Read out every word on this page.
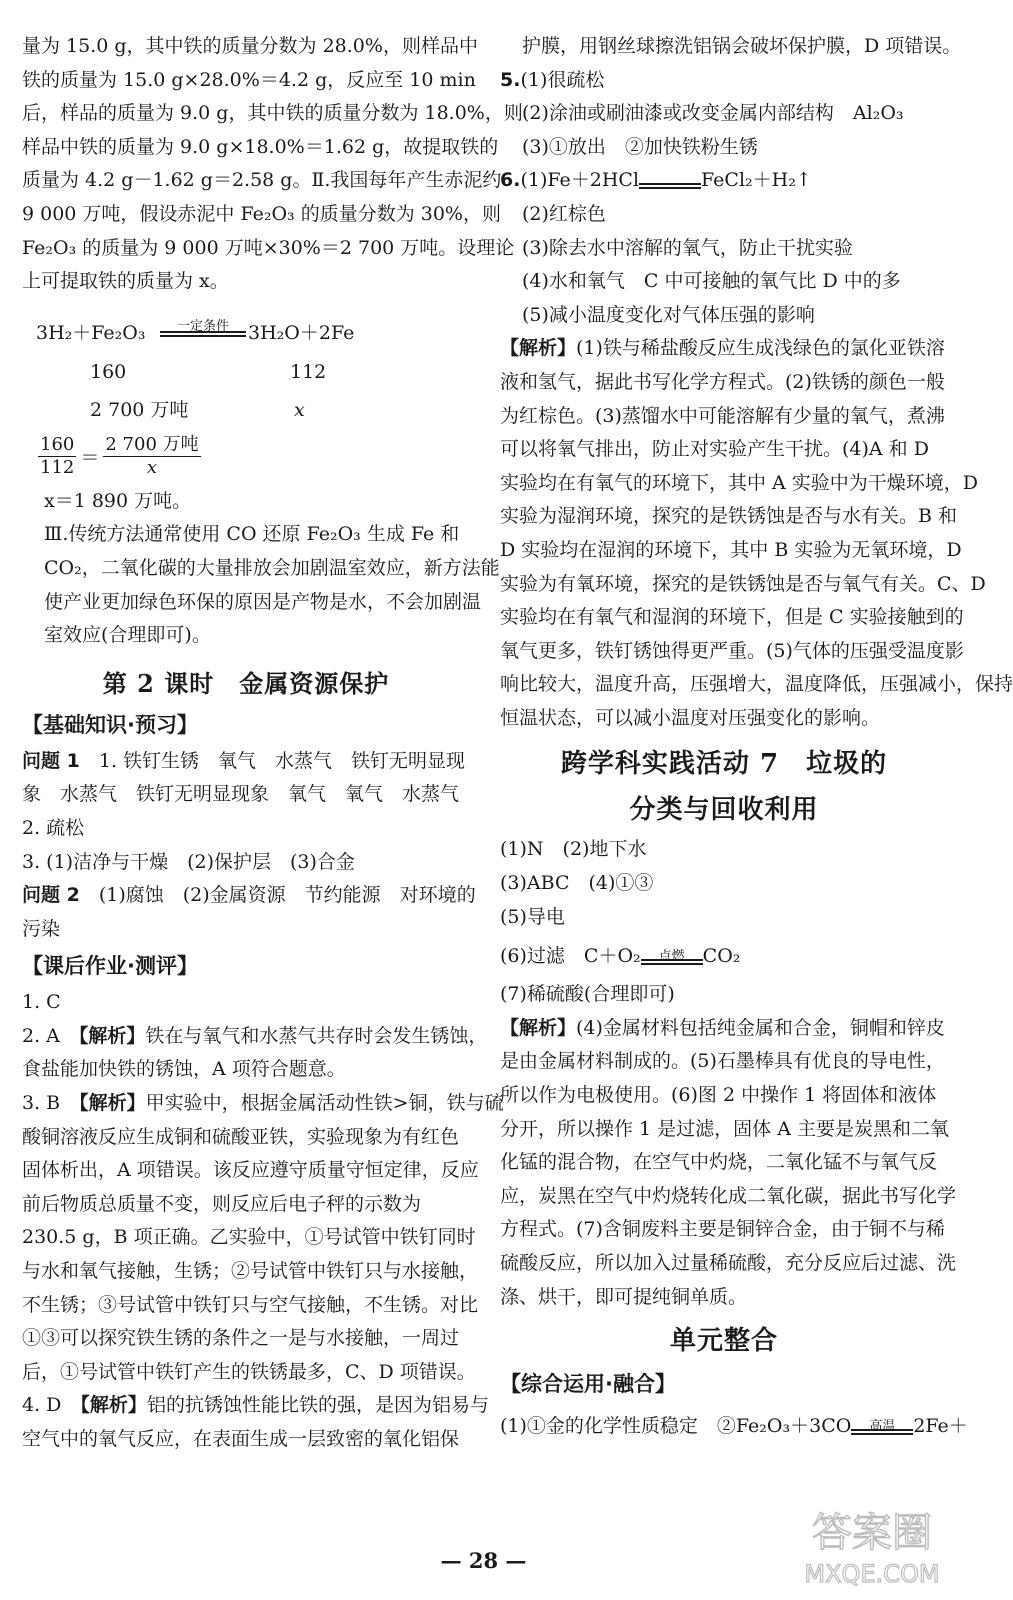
量为 15.0 g，其中铁的质量分数为 28.0%，则样品中
铁的质量为 15.0 g×28.0%＝4.2 g，反应至 10 min
后，样品的质量为 9.0 g，其中铁的质量分数为 18.0%，则
样品中铁的质量为 9.0 g×18.0%＝1.62 g，故提取铁的
质量为 4.2 g－1.62 g＝2.58 g。Ⅱ.我国每年产生赤泥约
9 000 万吨，假设赤泥中 Fe₂O₃ 的质量分数为 30%，则
Fe₂O₃ 的质量为 9 000 万吨×30%＝2 700 万吨。设理论
上可提取铁的质量为 x。
3H₂＋Fe₂O₃	一定条件	3H₂O＋2Fe
160	112
2 700 万吨	x
$\frac{160}{112} = \frac{\text{2 700 万吨}}{x}$
x＝1 890 万吨。
Ⅲ.传统方法通常使用 CO 还原 Fe₂O₃ 生成 Fe 和
CO₂，二氧化碳的大量排放会加剧温室效应，新方法能
使产业更加绿色环保的原因是产物是水，不会加剧温
室效应(合理即可)。
第 2 课时　金属资源保护
【基础知识·预习】
问题 1　 1. 铁钉生锈　氧气　水蒸气　铁钉无明显现
象　水蒸气　铁钉无明显现象　氧气　氧气　水蒸气
2. 疏松
3. (1)洁净与干燥　(2)保护层　(3)合金
问题 2　 (1)腐蚀　(2)金属资源　节约能源　对环境的
污染
【课后作业·测评】
1. C
2. A　 【解析】铁在与氧气和水蒸气共存时会发生锈蚀，
食盐能加快铁的锈蚀，A 项符合题意。
3. B　 【解析】甲实验中，根据金属活动性铁>铜，铁与硫
酸铜溶液反应生成铜和硫酸亚铁，实验现象为有红色
固体析出，A 项错误。该反应遵守质量守恒定律，反应
前后物质总质量不变，则反应后电子秤的示数为
230.5 g，B 项正确。乙实验中，①号试管中铁钉同时
与水和氧气接触，生锈；②号试管中铁钉只与水接触，
不生锈；③号试管中铁钉只与空气接触，不生锈。对比
①③可以探究铁生锈的条件之一是与水接触，一周过
后，①号试管中铁钉产生的铁锈最多，C、D 项错误。
4. D　 【解析】铝的抗锈蚀性能比铁的强，是因为铝易与
空气中的氧气反应，在表面生成一层致密的氧化铝保
护膜，用钢丝球擦洗铝锅会破坏保护膜，D 项错误。
5.(1)很疏松
(2)涂油或刷油漆或改变金属内部结构　Al₂O₃
(3)①放出　②加快铁粉生锈
6.(1)Fe＋2HCl	FeCl₂＋H₂↑
(2)红棕色
(3)除去水中溶解的氧气，防止干扰实验
(4)水和氧气　C 中可接触的氧气比 D 中的多
(5)减小温度变化对气体压强的影响
【解析】(1)铁与稀盐酸反应生成浅绿色的氯化亚铁溶
液和氢气，据此书写化学方程式。(2)铁锈的颜色一般
为红棕色。(3)蒸馏水中可能溶解有少量的氧气，煮沸
可以将氧气排出，防止对实验产生干扰。(4)A 和 D
实验均在有氧气的环境下，其中 A 实验中为干燥环境，D
实验为湿润环境，探究的是铁锈蚀是否与水有关。B 和
D 实验均在湿润的环境下，其中 B 实验为无氧环境，D
实验为有氧环境，探究的是铁锈蚀是否与氧气有关。C、D
实验均在有氧气和湿润的环境下，但是 C 实验接触到的
氧气更多，铁钉锈蚀得更严重。(5)气体的压强受温度影
响比较大，温度升高，压强增大，温度降低，压强减小，保持
恒温状态，可以减小温度对压强变化的影响。
跨学科实践活动 7　垃圾的
分类与回收利用
(1)N　(2)地下水
(3)ABC　(4)①③
(5)导电
(6)过滤　C＋O₂	点燃 CO₂
(7)稀硫酸(合理即可)
【解析】(4)金属材料包括纯金属和合金，铜帽和锌皮
是由金属材料制成的。(5)石墨棒具有优良的导电性，
所以作为电极使用。(6)图 2 中操作 1 将固体和液体
分开，所以操作 1 是过滤，固体 A 主要是炭黑和二氧
化锰的混合物，在空气中灼烧，二氧化锰不与氧气反
应，炭黑在空气中灼烧转化成二氧化碳，据此书写化学
方程式。(7)含铜废料主要是铜锌合金，由于铜不与稀
硫酸反应，所以加入过量稀硫酸，充分反应后过滤、洗
涤、烘干，即可提纯铜单质。
单元整合
【综合运用·融合】
(1)①金的化学性质稳定　②Fe₂O₃＋3CO	高温 2Fe＋
答案圈
MXQE.COM
— 28 —
